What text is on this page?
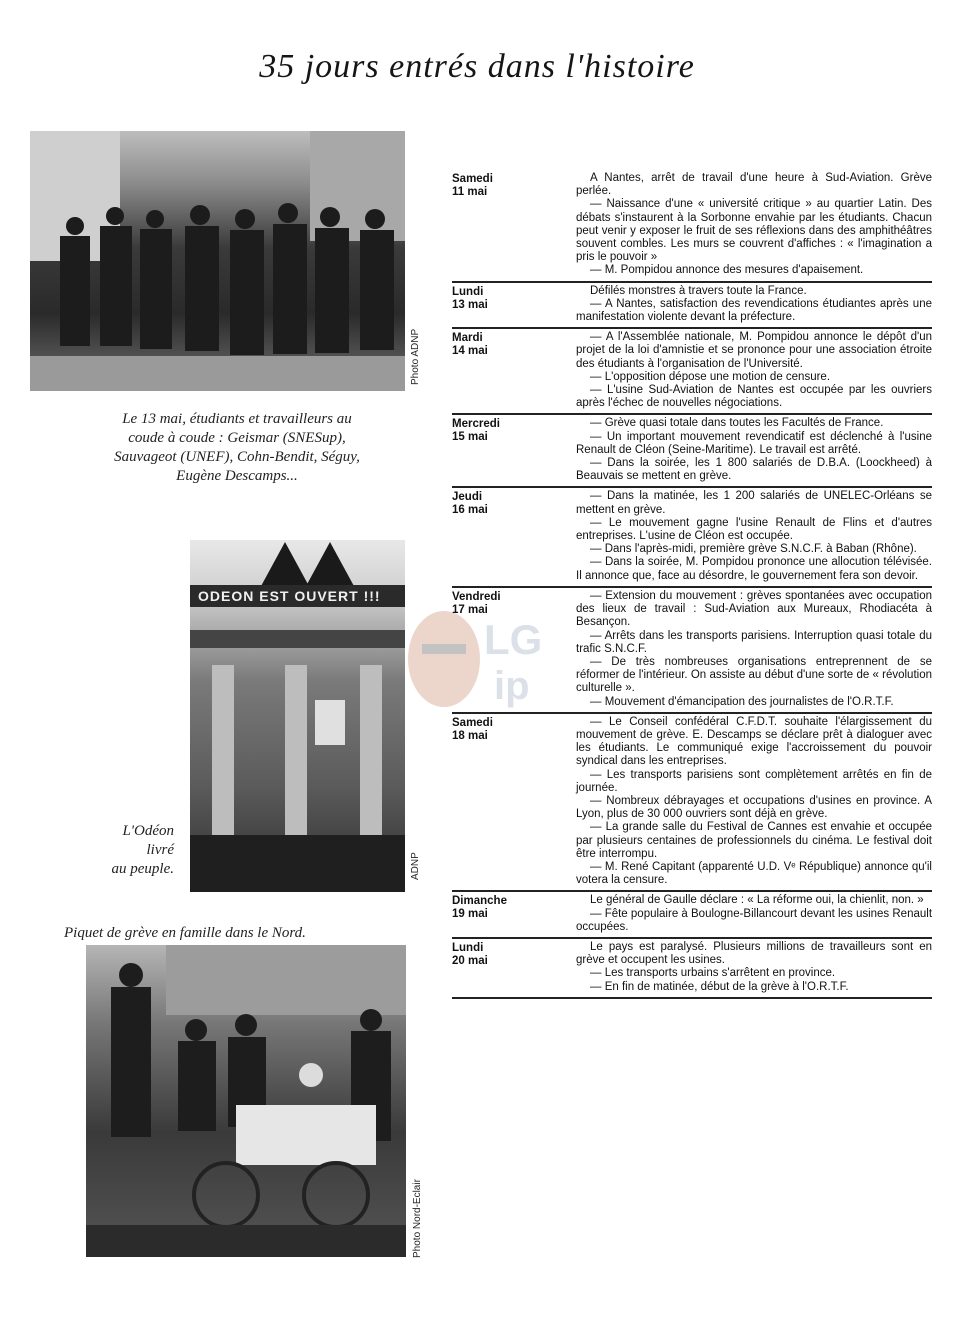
35 jours entrés dans l'histoire
Photo ADNP
Le 13 mai, étudiants et travailleurs au
coude à coude : Geismar (SNESup),
Sauvageot (UNEF), Cohn-Bendit, Séguy,
Eugène Descamps...
ODEON EST OUVERT !!!
ADNP
L'Odéon
livré
au peuple.
Piquet de grève en famille dans le Nord.
Photo Nord-Eclair
LG
ip
Samedi
11 mai

A Nantes, arrêt de travail d'une heure à Sud-Aviation. Grève perlée.

— Naissance d'une « université critique » au quartier Latin. Des débats s'instaurent à la Sorbonne envahie par les étudiants. Chacun peut venir y exposer le fruit de ses réflexions dans des amphithéâtres souvent combles. Les murs se couvrent d'affiches : « l'imagination a pris le pouvoir »

— M. Pompidou annonce des mesures d'apaisement.

Lundi
13 mai

Défilés monstres à travers toute la France.

— A Nantes, satisfaction des revendications étudiantes après une manifestation violente devant la préfecture.

Mardi
14 mai

— A l'Assemblée nationale, M. Pompidou annonce le dépôt d'un projet de la loi d'amnistie et se prononce pour une association étroite des étudiants à l'organisation de l'Université.

— L'opposition dépose une motion de censure.

— L'usine Sud-Aviation de Nantes est occupée par les ouvriers après l'échec de nouvelles négociations.

Mercredi
15 mai

— Grève quasi totale dans toutes les Facultés de France.

— Un important mouvement revendicatif est déclenché à l'usine Renault de Cléon (Seine-Maritime). Le travail est arrêté.

— Dans la soirée, les 1 800 salariés de D.B.A. (Loockheed) à Beauvais se mettent en grève.

Jeudi
16 mai

— Dans la matinée, les 1 200 salariés de UNELEC-Orléans se mettent en grève.

— Le mouvement gagne l'usine Renault de Flins et d'autres entreprises. L'usine de Cléon est occupée.

— Dans l'après-midi, première grève S.N.C.F. à Baban (Rhône).

— Dans la soirée, M. Pompidou prononce une allocution télévisée. Il annonce que, face au désordre, le gouvernement fera son devoir.

Vendredi
17 mai

— Extension du mouvement : grèves spontanées avec occupation des lieux de travail : Sud-Aviation aux Mureaux, Rhodiacéta à Besançon.

— Arrêts dans les transports parisiens. Interruption quasi totale du trafic S.N.C.F.

— De très nombreuses organisations entreprennent de se réformer de l'intérieur. On assiste au début d'une sorte de « révolution culturelle ».

— Mouvement d'émancipation des journalistes de l'O.R.T.F.

Samedi
18 mai

— Le Conseil confédéral C.F.D.T. souhaite l'élargissement du mouvement de grève. E. Descamps se déclare prêt à dialoguer avec les étudiants. Le communiqué exige l'accroissement du pouvoir syndical dans les entreprises.

— Les transports parisiens sont complètement arrêtés en fin de journée.

— Nombreux débrayages et occupations d'usines en province. A Lyon, plus de 30 000 ouvriers sont déjà en grève.

— La grande salle du Festival de Cannes est envahie et occupée par plusieurs centaines de professionnels du cinéma. Le festival doit être interrompu.

— M. René Capitant (apparenté U.D. Vᵉ République) annonce qu'il votera la censure.

Dimanche
19 mai

Le général de Gaulle déclare : « La réforme oui, la chienlit, non. »

— Fête populaire à Boulogne-Billancourt devant les usines Renault occupées.

Lundi
20 mai

Le pays est paralysé. Plusieurs millions de travailleurs sont en grève et occupent les usines.

— Les transports urbains s'arrêtent en province.

— En fin de matinée, début de la grève à l'O.R.T.F.
